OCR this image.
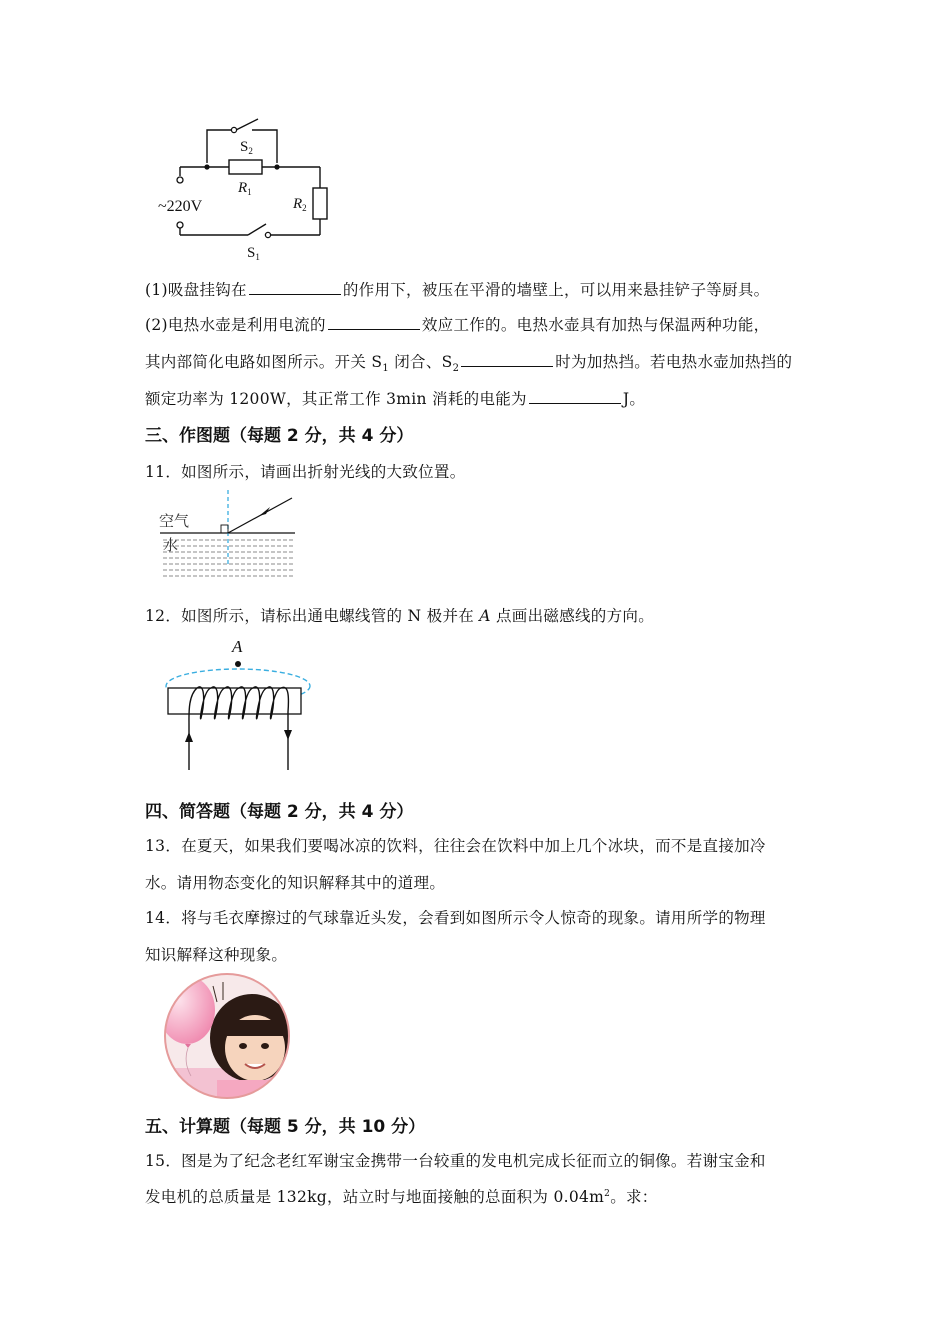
$S_2$
$R_1$
$R_2$
~220V
$S_1$
(1)吸盘挂钩在	的作用下，被压在平滑的墙壁上，可以用来悬挂铲子等厨具。
(2)电热水壶是利用电流的	效应工作的。电热水壶具有加热与保温两种功能，
其内部简化电路如图所示。开关 $S_1$ 闭合、$S_2$	时为加热挡。若电热水壶加热挡的
额定功率为 1200W，其正常工作 3min 消耗的电能为	J。
三、作图题（每题 2 分，共 4 分）
11．如图所示，请画出折射光线的大致位置。
空气
水
12．如图所示，请标出通电螺线管的 N 极并在 A 点画出磁感线的方向。
A
四、简答题（每题 2 分，共 4 分）
13．在夏天，如果我们要喝冰凉的饮料，往往会在饮料中加上几个冰块，而不是直接加冷
水。请用物态变化的知识解释其中的道理。
14．将与毛衣摩擦过的气球靠近头发，会看到如图所示令人惊奇的现象。请用所学的物理
知识解释这种现象。
五、计算题（每题 5 分，共 10 分）
15．图是为了纪念老红军谢宝金携带一台较重的发电机完成长征而立的铜像。若谢宝金和
发电机的总质量是 132kg，站立时与地面接触的总面积为 $0.04m^2$。求：
